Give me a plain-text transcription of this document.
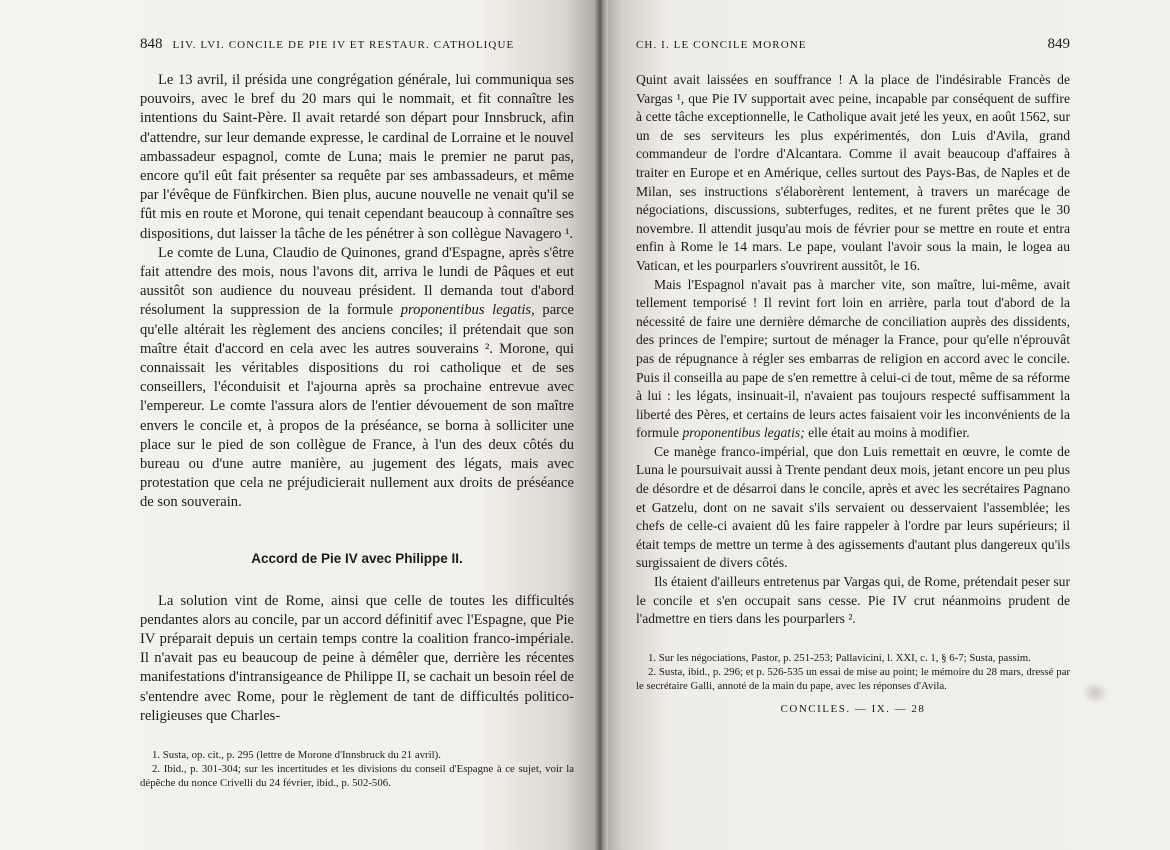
848 LIV. LVI. CONCILE DE PIE IV ET RESTAUR. CATHOLIQUE

Le 13 avril, il présida une congrégation générale, lui communiqua ses pouvoirs, avec le bref du 20 mars qui le nommait, et fit connaître les intentions du Saint-Père. Il avait retardé son départ pour Innsbruck, afin d'attendre, sur leur demande expresse, le cardinal de Lorraine et le nouvel ambassadeur espagnol, comte de Luna; mais le premier ne parut pas, encore qu'il eût fait présenter sa requête par ses ambassadeurs, et même par l'évêque de Fünfkirchen. Bien plus, aucune nouvelle ne venait qu'il se fût mis en route et Morone, qui tenait cependant beaucoup à connaître ses dispositions, dut laisser la tâche de les pénétrer à son collègue Navagero ¹.

Le comte de Luna, Claudio de Quinones, grand d'Espagne, après s'être fait attendre des mois, nous l'avons dit, arriva le lundi de Pâques et eut aussitôt son audience du nouveau président. Il demanda tout d'abord résolument la suppression de la formule proponentibus legatis, parce qu'elle altérait les règlement des anciens conciles; il prétendait que son maître était d'accord en cela avec les autres souverains ². Morone, qui connaissait les véritables dispositions du roi catholique et de ses conseillers, l'éconduisit et l'ajourna après sa prochaine entrevue avec l'empereur. Le comte l'assura alors de l'entier dévouement de son maître envers le concile et, à propos de la préséance, se borna à solliciter une place sur le pied de son collègue de France, à l'un des deux côtés du bureau ou d'une autre manière, au jugement des légats, mais avec protestation que cela ne préjudicierait nullement aux droits de préséance de son souverain.

Accord de Pie IV avec Philippe II.

La solution vint de Rome, ainsi que celle de toutes les difficultés pendantes alors au concile, par un accord définitif avec l'Espagne, que Pie IV préparait depuis un certain temps contre la coalition franco-impériale. Il n'avait pas eu beaucoup de peine à démêler que, derrière les récentes manifestations d'intransigeance de Philippe II, se cachait un besoin réel de s'entendre avec Rome, pour le règlement de tant de difficultés politico-religieuses que Charles-

1. Susta, op. cit., p. 295 (lettre de Morone d'Innsbruck du 21 avril).

2. Ibid., p. 301-304; sur les incertitudes et les divisions du conseil d'Espagne à ce sujet, voir la dépêche du nonce Crivelli du 24 février, ibid., p. 502-506.

CH. I. LE CONCILE MORONE	849

Quint avait laissées en souffrance ! A la place de l'indésirable Francès de Vargas ¹, que Pie IV supportait avec peine, incapable par conséquent de suffire à cette tâche exceptionnelle, le Catholique avait jeté les yeux, en août 1562, sur un de ses serviteurs les plus expérimentés, don Luis d'Avila, grand commandeur de l'ordre d'Alcantara. Comme il avait beaucoup d'affaires à traiter en Europe et en Amérique, celles surtout des Pays-Bas, de Naples et de Milan, ses instructions s'élaborèrent lentement, à travers un marécage de négociations, discussions, subterfuges, redites, et ne furent prêtes que le 30 novembre. Il attendit jusqu'au mois de février pour se mettre en route et entra enfin à Rome le 14 mars. Le pape, voulant l'avoir sous la main, le logea au Vatican, et les pourparlers s'ouvrirent aussitôt, le 16.

Mais l'Espagnol n'avait pas à marcher vite, son maître, lui-même, avait tellement temporisé ! Il revint fort loin en arrière, parla tout d'abord de la nécessité de faire une dernière démarche de conciliation auprès des dissidents, des princes de l'empire; surtout de ménager la France, pour qu'elle n'éprouvât pas de répugnance à régler ses embarras de religion en accord avec le concile. Puis il conseilla au pape de s'en remettre à celui-ci de tout, même de sa réforme à lui : les légats, insinuait-il, n'avaient pas toujours respecté suffisamment la liberté des Pères, et certains de leurs actes faisaient voir les inconvénients de la formule proponentibus legatis; elle était au moins à modifier.

Ce manège franco-impérial, que don Luis remettait en œuvre, le comte de Luna le poursuivait aussi à Trente pendant deux mois, jetant encore un peu plus de désordre et de désarroi dans le concile, après et avec les secrétaires Pagnano et Gatzelu, dont on ne savait s'ils servaient ou desservaient l'assemblée; les chefs de celle-ci avaient dû les faire rappeler à l'ordre par leurs supérieurs; il était temps de mettre un terme à des agissements d'autant plus dangereux qu'ils surgissaient de divers côtés.

Ils étaient d'ailleurs entretenus par Vargas qui, de Rome, prétendait peser sur le concile et s'en occupait sans cesse. Pie IV crut néanmoins prudent de l'admettre en tiers dans les pourparlers ².

1. Sur les négociations, Pastor, p. 251-253; Pallavicini, l. XXI, c. 1, § 6-7; Susta, passim.

2. Susta, ibid., p. 296; et p. 526-535 un essai de mise au point; le mémoire du 28 mars, dressé par le secrétaire Galli, annoté de la main du pape, avec les réponses d'Avila.

CONCILES. — IX. — 28
